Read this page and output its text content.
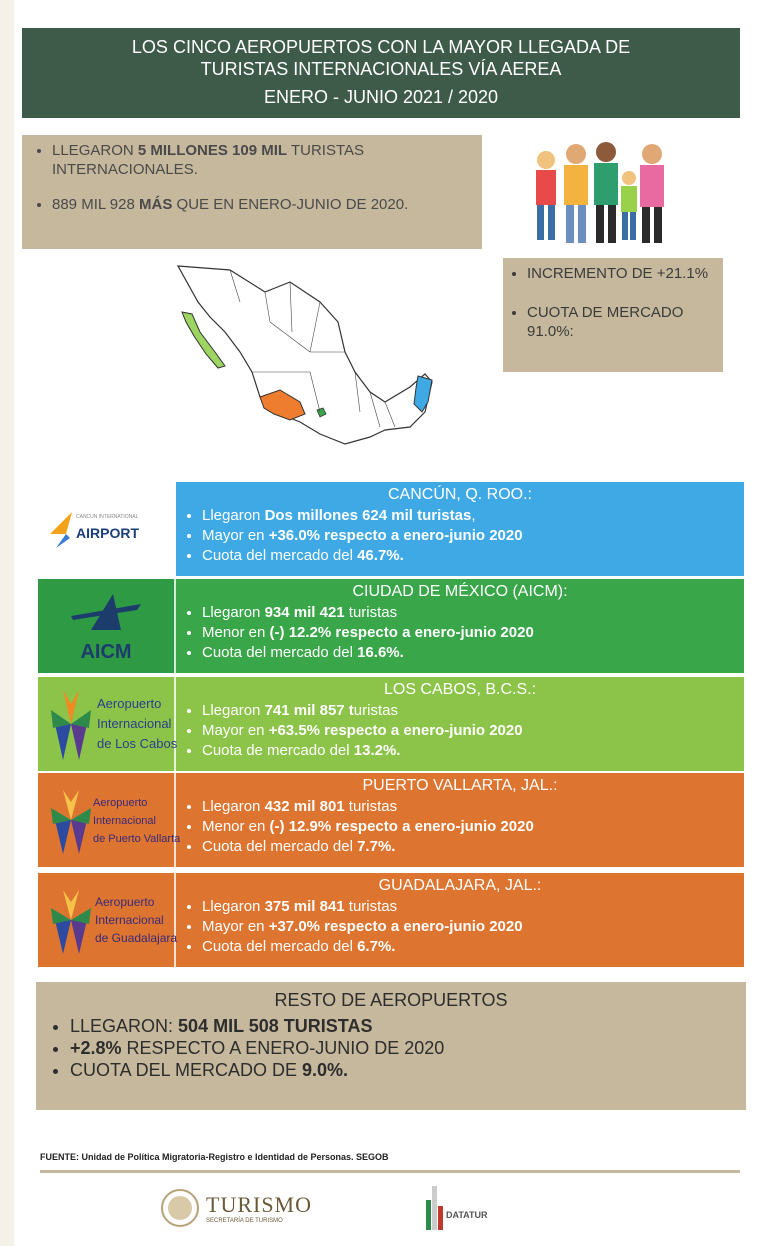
LOS CINCO AEROPUERTOS CON LA MAYOR LLEGADA DE
TURISTAS INTERNACIONALES VÍA AEREA
ENERO - JUNIO 2021 / 2020
• LLEGARON 5 MILLONES 109 MIL TURISTAS INTERNACIONALES.
• 889 MIL 928 MÁS QUE EN ENERO-JUNIO DE 2020.
• INCREMENTO DE +21.1%
• CUOTA DE MERCADO 91.0%:
CANCUN INTERNATIONAL
AIRPORT
CANCÚN, Q. ROO.:
• Llegaron Dos millones 624 mil turistas,
• Mayor en +36.0% respecto a enero-junio 2020
• Cuota del mercado del 46.7%.
AICM
CIUDAD DE MÉXICO (AICM):
• Llegaron 934 mil 421 turistas
• Menor en (-) 12.2% respecto a enero-junio 2020
• Cuota del mercado del 16.6%.
Aeropuerto
Internacional
de Los Cabos
LOS CABOS, B.C.S.:
• Llegaron 741 mil 857 turistas
• Mayor en +63.5% respecto a enero-junio 2020
• Cuota de mercado del 13.2%.
Aeropuerto
Internacional
de Puerto Vallarta
PUERTO VALLARTA, JAL.:
• Llegaron 432 mil 801 turistas
• Menor en (-) 12.9% respecto a enero-junio 2020
• Cuota del mercado del 7.7%.
Aeropuerto
Internacional
de Guadalajara
GUADALAJARA, JAL.:
• Llegaron 375 mil 841 turistas
• Mayor en +37.0% respecto a enero-junio 2020
• Cuota del mercado del 6.7%.
RESTO DE AEROPUERTOS
• LLEGARON: 504 MIL 508 TURISTAS
• +2.8% RESPECTO A ENERO-JUNIO DE 2020
• CUOTA DEL MERCADO DE 9.0%.
FUENTE: Unidad de Política Migratoria-Registro e Identidad de Personas. SEGOB
TURISMO
SECRETARÍA DE TURISMO
DATATUR
